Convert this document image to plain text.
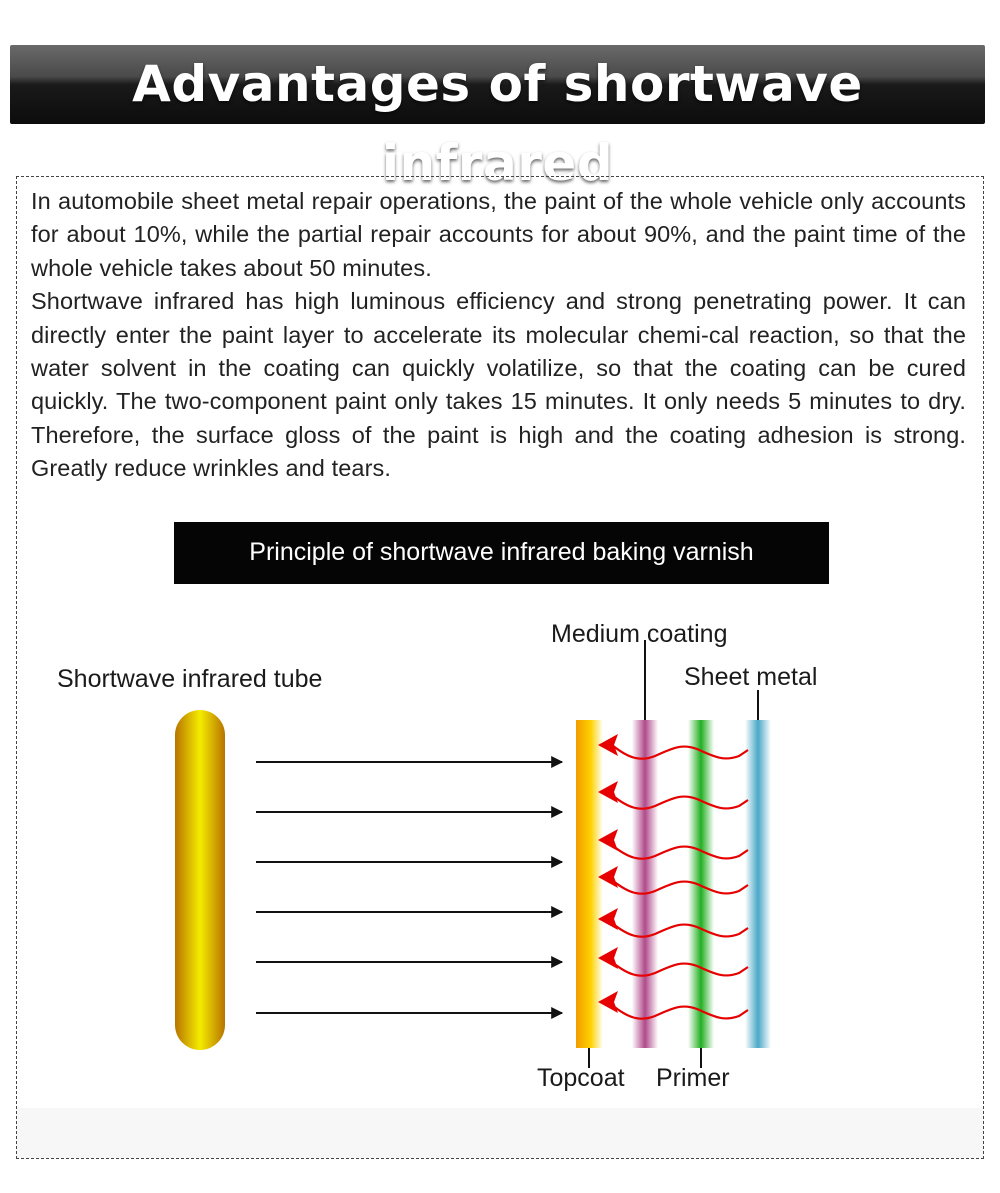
Advantages of shortwave infrared

In automobile sheet metal repair operations, the paint of the whole vehicle only accounts for about 10%, while the partial repair accounts for about 90%, and the paint time of the whole vehicle takes about 50 minutes.

Shortwave infrared has high luminous efficiency and strong penetrating power. It can directly enter the paint layer to accelerate its molecular chemi-cal reaction, so that the water solvent in the coating can quickly volatilize, so that the coating can be cured quickly. The two-component paint only takes 15 minutes. It only needs 5 minutes to dry. Therefore, the surface gloss of the paint is high and the coating adhesion is strong. Greatly reduce wrinkles and tears.

Principle of shortwave infrared baking varnish
Shortwave infrared tube
Medium coating
Sheet metal
Topcoat Primer
